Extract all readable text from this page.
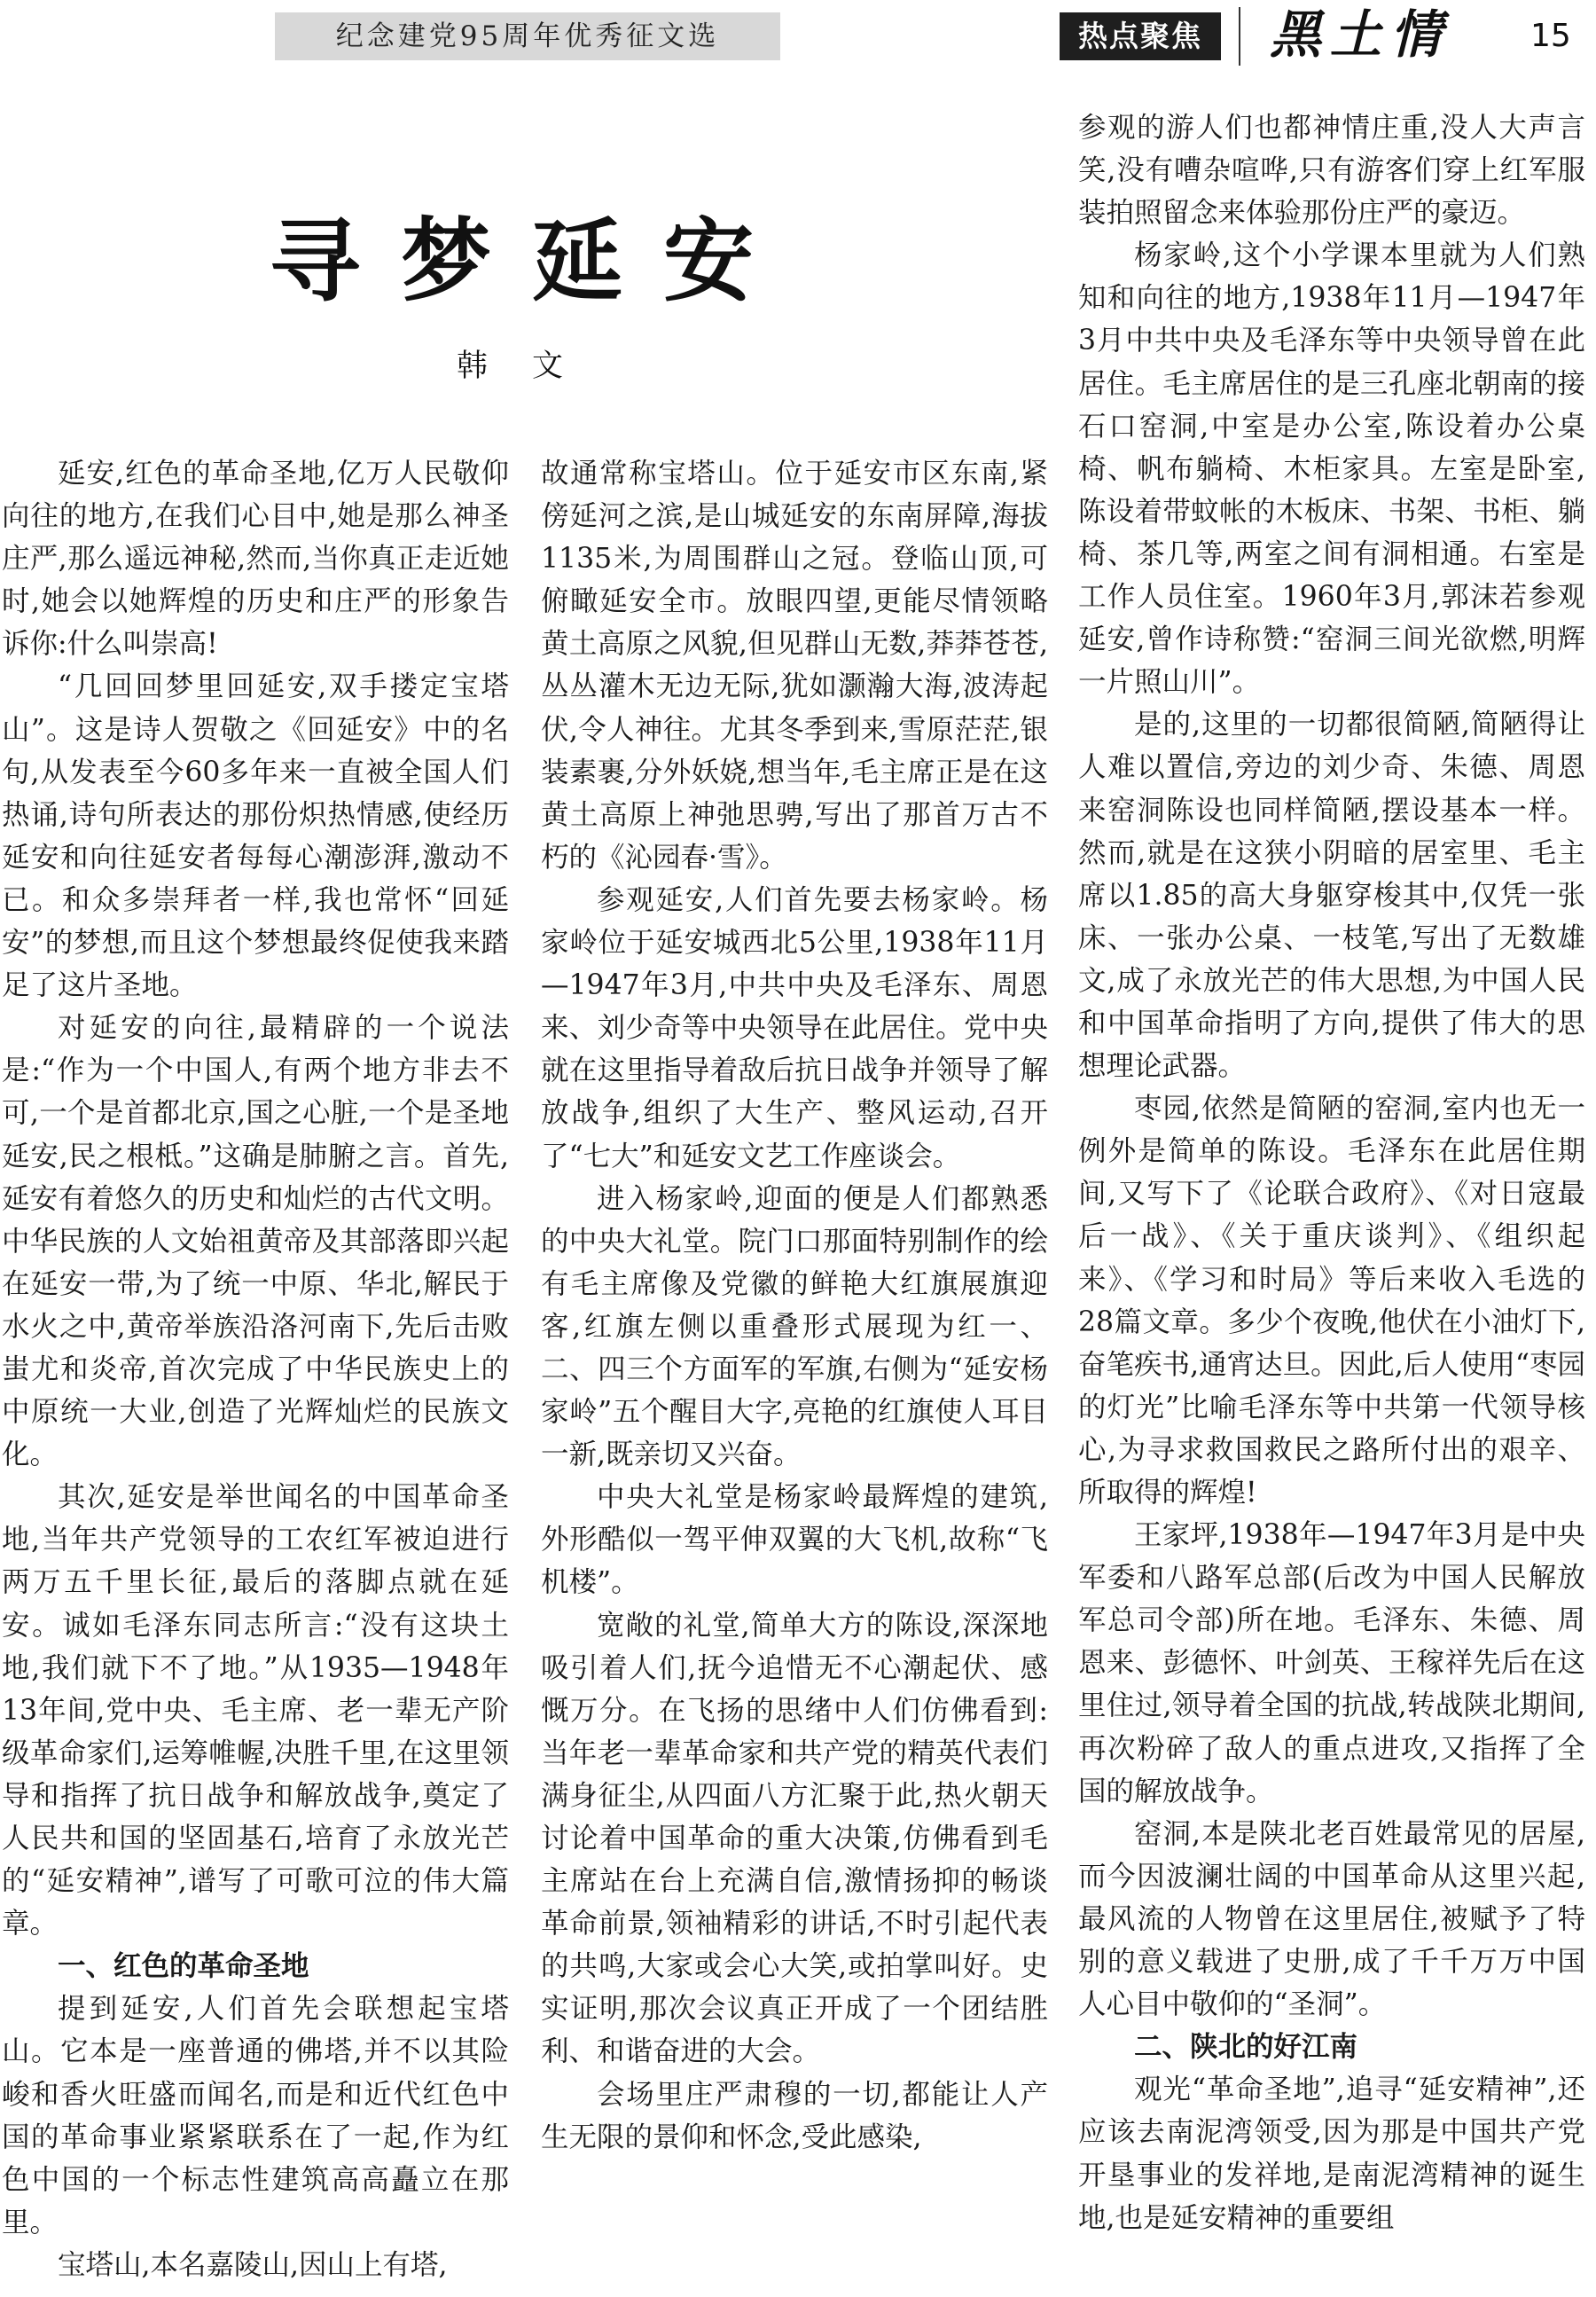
纪念建党95周年优秀征文选	热点聚焦	黑土情	15
寻梦延安
韩文

延安,红色的革命圣地,亿万人民敬仰向往的地方,在我们心目中,她是那么神圣庄严,那么遥远神秘,然而,当你真正走近她时,她会以她辉煌的历史和庄严的形象告诉你:什么叫崇高!

“几回回梦里回延安,双手搂定宝塔山”。这是诗人贺敬之《回延安》中的名句,从发表至今60多年来一直被全国人们热诵,诗句所表达的那份炽热情感,使经历延安和向往延安者每每心潮澎湃,激动不已。和众多崇拜者一样,我也常怀“回延安”的梦想,而且这个梦想最终促使我来踏足了这片圣地。

对延安的向往,最精辟的一个说法是:“作为一个中国人,有两个地方非去不可,一个是首都北京,国之心脏,一个是圣地延安,民之根柢。”这确是肺腑之言。首先,延安有着悠久的历史和灿烂的古代文明。中华民族的人文始祖黄帝及其部落即兴起在延安一带,为了统一中原、华北,解民于水火之中,黄帝举族沿洛河南下,先后击败蚩尤和炎帝,首次完成了中华民族史上的中原统一大业,创造了光辉灿烂的民族文化。

其次,延安是举世闻名的中国革命圣地,当年共产党领导的工农红军被迫进行两万五千里长征,最后的落脚点就在延安。诚如毛泽东同志所言:“没有这块土地,我们就下不了地。”从1935—1948年13年间,党中央、毛主席、老一辈无产阶级革命家们,运筹帷幄,决胜千里,在这里领导和指挥了抗日战争和解放战争,奠定了人民共和国的坚固基石,培育了永放光芒的“延安精神”,谱写了可歌可泣的伟大篇章。

一、红色的革命圣地

提到延安,人们首先会联想起宝塔山。它本是一座普通的佛塔,并不以其险峻和香火旺盛而闻名,而是和近代红色中国的革命事业紧紧联系在了一起,作为红色中国的一个标志性建筑高高矗立在那里。

宝塔山,本名嘉陵山,因山上有塔,

故通常称宝塔山。位于延安市区东南,紧傍延河之滨,是山城延安的东南屏障,海拔1135米,为周围群山之冠。登临山顶,可俯瞰延安全市。放眼四望,更能尽情领略黄土高原之风貌,但见群山无数,莽莽苍苍,丛丛灌木无边无际,犹如灏瀚大海,波涛起伏,令人神往。尤其冬季到来,雪原茫茫,银装素裹,分外妖娆,想当年,毛主席正是在这黄土高原上神弛思骋,写出了那首万古不朽的《沁园春·雪》。

参观延安,人们首先要去杨家岭。杨家岭位于延安城西北5公里,1938年11月—1947年3月,中共中央及毛泽东、周恩来、刘少奇等中央领导在此居住。党中央就在这里指导着敌后抗日战争并领导了解放战争,组织了大生产、整风运动,召开了“七大”和延安文艺工作座谈会。

进入杨家岭,迎面的便是人们都熟悉的中央大礼堂。院门口那面特别制作的绘有毛主席像及党徽的鲜艳大红旗展旗迎客,红旗左侧以重叠形式展现为红一、二、四三个方面军的军旗,右侧为“延安杨家岭”五个醒目大字,亮艳的红旗使人耳目一新,既亲切又兴奋。

中央大礼堂是杨家岭最辉煌的建筑,外形酷似一驾平伸双翼的大飞机,故称“飞机楼”。

宽敞的礼堂,简单大方的陈设,深深地吸引着人们,抚今追惜无不心潮起伏、感慨万分。在飞扬的思绪中人们仿佛看到:当年老一辈革命家和共产党的精英代表们满身征尘,从四面八方汇聚于此,热火朝天讨论着中国革命的重大决策,仿佛看到毛主席站在台上充满自信,激情扬抑的畅谈革命前景,领袖精彩的讲话,不时引起代表的共鸣,大家或会心大笑,或拍掌叫好。史实证明,那次会议真正开成了一个团结胜利、和谐奋进的大会。

会场里庄严肃穆的一切,都能让人产生无限的景仰和怀念,受此感染,

参观的游人们也都神情庄重,没人大声言笑,没有嘈杂喧哗,只有游客们穿上红军服装拍照留念来体验那份庄严的豪迈。

杨家岭,这个小学课本里就为人们熟知和向往的地方,1938年11月—1947年3月中共中央及毛泽东等中央领导曾在此居住。毛主席居住的是三孔座北朝南的接石口窑洞,中室是办公室,陈设着办公桌椅、帆布躺椅、木柜家具。左室是卧室,陈设着带蚊帐的木板床、书架、书柜、躺椅、茶几等,两室之间有洞相通。右室是工作人员住室。1960年3月,郭沫若参观延安,曾作诗称赞:“窑洞三间光欲燃,明辉一片照山川”。

是的,这里的一切都很简陋,简陋得让人难以置信,旁边的刘少奇、朱德、周恩来窑洞陈设也同样简陋,摆设基本一样。然而,就是在这狭小阴暗的居室里、毛主席以1.85的高大身躯穿梭其中,仅凭一张床、一张办公桌、一枝笔,写出了无数雄文,成了永放光芒的伟大思想,为中国人民和中国革命指明了方向,提供了伟大的思想理论武器。

枣园,依然是简陋的窑洞,室内也无一例外是简单的陈设。毛泽东在此居住期间,又写下了《论联合政府》、《对日寇最后一战》、《关于重庆谈判》、《组织起来》、《学习和时局》等后来收入毛选的28篇文章。多少个夜晚,他伏在小油灯下,奋笔疾书,通宵达旦。因此,后人使用“枣园的灯光”比喻毛泽东等中共第一代领导核心,为寻求救国救民之路所付出的艰辛、所取得的辉煌!

王家坪,1938年—1947年3月是中央军委和八路军总部(后改为中国人民解放军总司令部)所在地。毛泽东、朱德、周恩来、彭德怀、叶剑英、王稼祥先后在这里住过,领导着全国的抗战,转战陕北期间,再次粉碎了敌人的重点进攻,又指挥了全国的解放战争。

窑洞,本是陕北老百姓最常见的居屋,而今因波澜壮阔的中国革命从这里兴起,最风流的人物曾在这里居住,被赋予了特别的意义载进了史册,成了千千万万中国人心目中敬仰的“圣洞”。

二、陕北的好江南

观光“革命圣地”,追寻“延安精神”,还应该去南泥湾领受,因为那是中国共产党开垦事业的发祥地,是南泥湾精神的诞生地,也是延安精神的重要组
